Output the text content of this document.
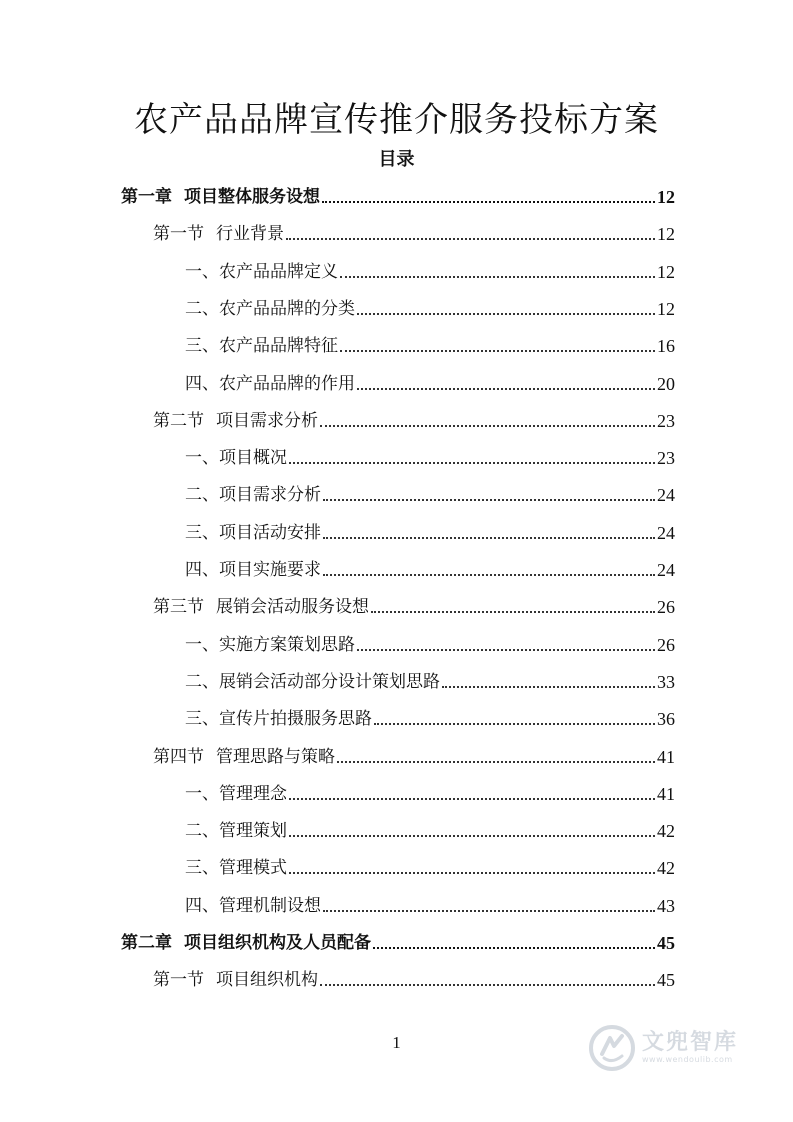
农产品品牌宣传推介服务投标方案
目录
第一章 项目整体服务设想	12
第一节 行业背景	12
一、农产品品牌定义	12
二、农产品品牌的分类	12
三、农产品品牌特征	16
四、农产品品牌的作用	20
第二节 项目需求分析	23
一、项目概况	23
二、项目需求分析	24
三、项目活动安排	24
四、项目实施要求	24
第三节 展销会活动服务设想	26
一、实施方案策划思路	26
二、展销会活动部分设计策划思路	33
三、宣传片拍摄服务思路	36
第四节 管理思路与策略	41
一、管理理念	41
二、管理策划	42
三、管理模式	42
四、管理机制设想	43
第二章 项目组织机构及人员配备	45
第一节 项目组织机构	45
1	文兜智库
www.wendoulib.com
